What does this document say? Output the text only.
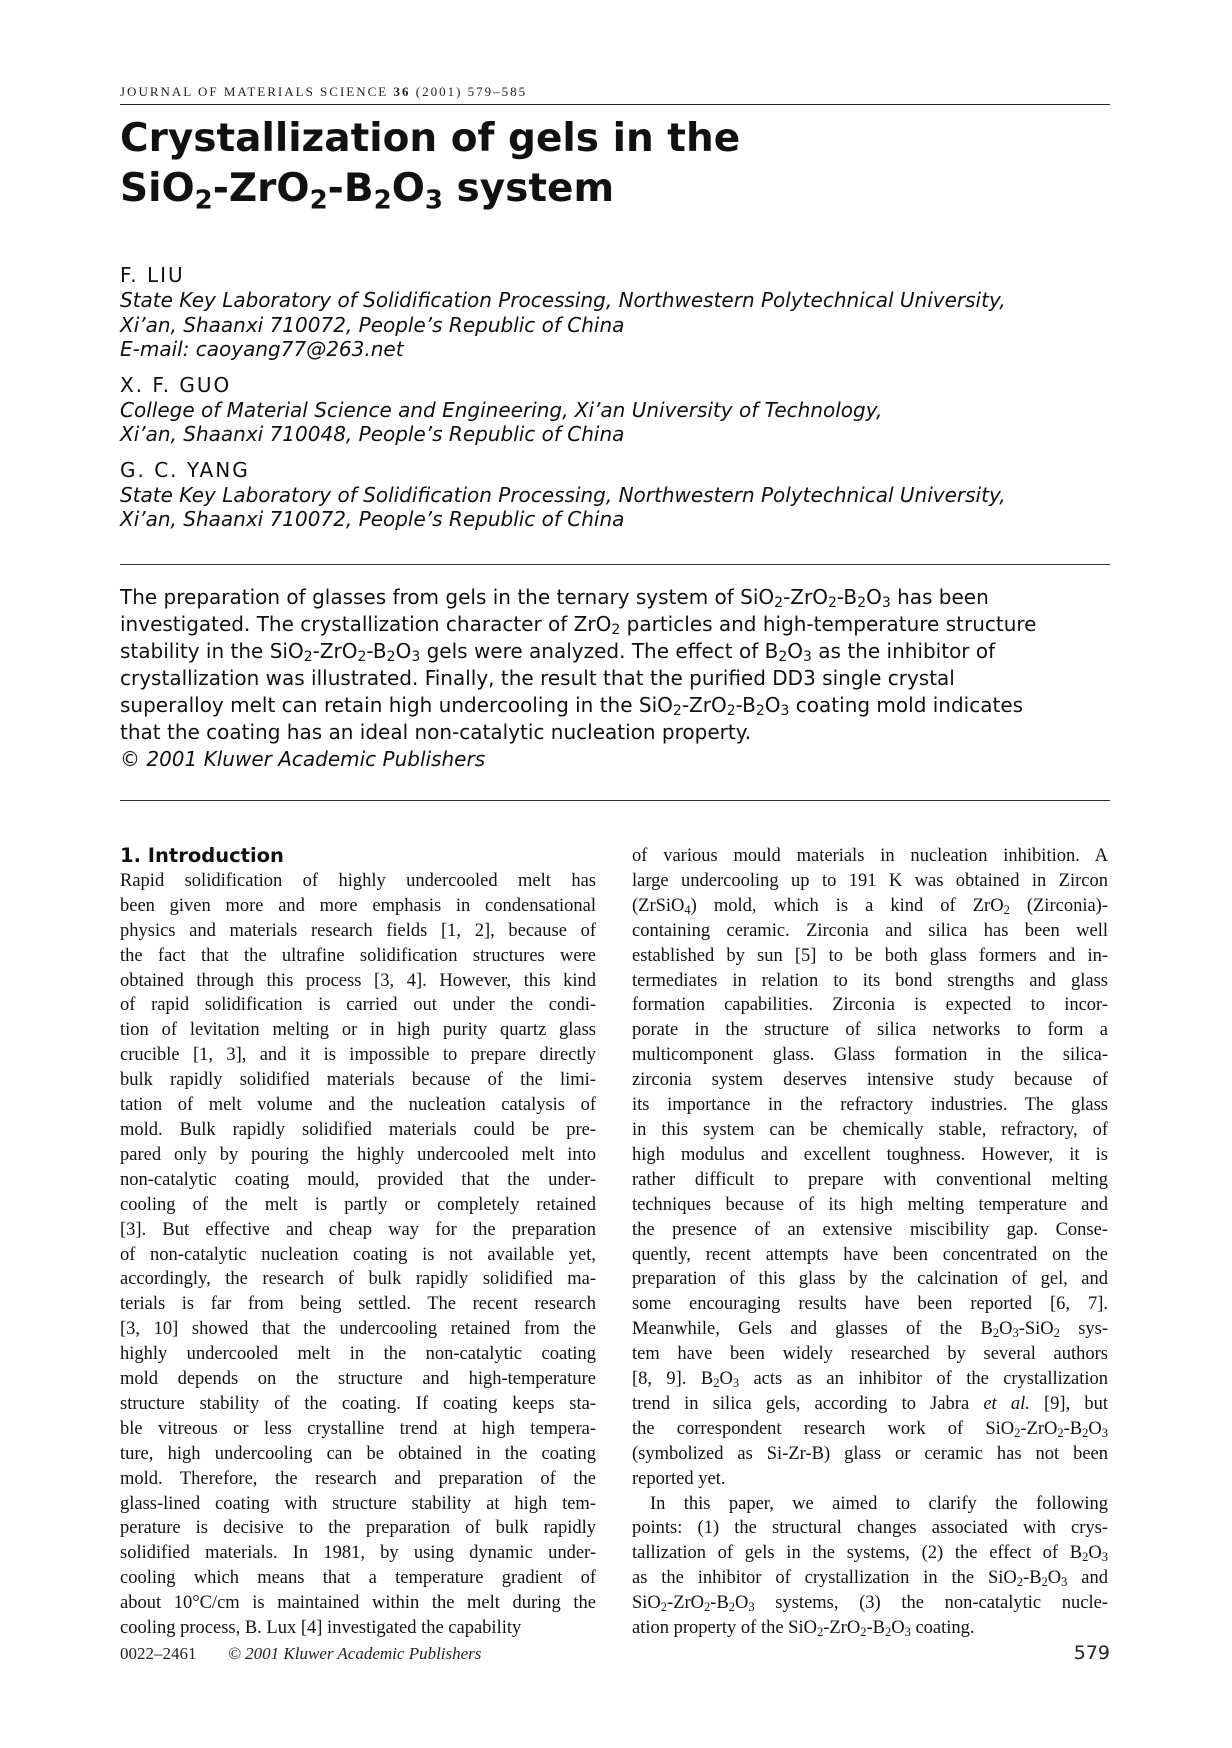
JOURNAL OF MATERIALS SCIENCE 36 (2001) 579–585
Crystallization of gels in the
$SiO_2-ZrO_2-B_2O_3$ system
F. LIU
State Key Laboratory of Solidification Processing, Northwestern Polytechnical University,
Xi’an, Shaanxi 710072, People’s Republic of China
E-mail: caoyang77@263.net
X. F. GUO
College of Material Science and Engineering, Xi’an University of Technology,
Xi’an, Shaanxi 710048, People’s Republic of China
G. C. YANG
State Key Laboratory of Solidification Processing, Northwestern Polytechnical University,
Xi’an, Shaanxi 710072, People’s Republic of China
The preparation of glasses from gels in the ternary system of $SiO_2-ZrO_2-B_2O_3$ has been
investigated. The crystallization character of ZrO$_2$ particles and high-temperature structure
stability in the $SiO_2-ZrO_2-B_2O_3$ gels were analyzed. The effect of $B_2O_3$ as the inhibitor of
crystallization was illustrated. Finally, the result that the purified DD3 single crystal
superalloy melt can retain high undercooling in the $SiO_2-ZrO_2-B_2O_3$ coating mold indicates
that the coating has an ideal non-catalytic nucleation property.
© 2001 Kluwer Academic Publishers
1. Introduction
Rapid solidification of highly undercooled melt has
been given more and more emphasis in condensational
physics and materials research fields [1, 2], because of
the fact that the ultrafine solidification structures were
obtained through this process [3, 4]. However, this kind
of rapid solidification is carried out under the condi-
tion of levitation melting or in high purity quartz glass
crucible [1, 3], and it is impossible to prepare directly
bulk rapidly solidified materials because of the limi-
tation of melt volume and the nucleation catalysis of
mold. Bulk rapidly solidified materials could be pre-
pared only by pouring the highly undercooled melt into
non-catalytic coating mould, provided that the under-
cooling of the melt is partly or completely retained
[3]. But effective and cheap way for the preparation
of non-catalytic nucleation coating is not available yet,
accordingly, the research of bulk rapidly solidified ma-
terials is far from being settled. The recent research
[3, 10] showed that the undercooling retained from the
highly undercooled melt in the non-catalytic coating
mold depends on the structure and high-temperature
structure stability of the coating. If coating keeps sta-
ble vitreous or less crystalline trend at high tempera-
ture, high undercooling can be obtained in the coating
mold. Therefore, the research and preparation of the
glass-lined coating with structure stability at high tem-
perature is decisive to the preparation of bulk rapidly
solidified materials. In 1981, by using dynamic under-
cooling which means that a temperature gradient of
about 10°C/cm is maintained within the melt during the
cooling process, B. Lux [4] investigated the capability
of various mould materials in nucleation inhibition. A
large undercooling up to 191 K was obtained in Zircon
(ZrSiO$_4$) mold, which is a kind of ZrO$_2$ (Zirconia)-
containing ceramic. Zirconia and silica has been well
established by sun [5] to be both glass formers and in-
termediates in relation to its bond strengths and glass
formation capabilities. Zirconia is expected to incor-
porate in the structure of silica networks to form a
multicomponent glass. Glass formation in the silica-
zirconia system deserves intensive study because of
its importance in the refractory industries. The glass
in this system can be chemically stable, refractory, of
high modulus and excellent toughness. However, it is
rather difficult to prepare with conventional melting
techniques because of its high melting temperature and
the presence of an extensive miscibility gap. Conse-
quently, recent attempts have been concentrated on the
preparation of this glass by the calcination of gel, and
some encouraging results have been reported [6, 7].
Meanwhile, Gels and glasses of the $B_2O_3-SiO_2$ sys-
tem have been widely researched by several authors
[8, 9]. $B_2O_3$ acts as an inhibitor of the crystallization
trend in silica gels, according to Jabra et al. [9], but
the correspondent research work of $SiO_2-ZrO_2-B_2O_3$
(symbolized as Si-Zr-B) glass or ceramic has not been
reported yet.
In this paper, we aimed to clarify the following
points: (1) the structural changes associated with crys-
tallization of gels in the systems, (2) the effect of $B_2O_3$
as the inhibitor of crystallization in the $SiO_2-B_2O_3$ and
$SiO_2-ZrO_2-B_2O_3$ systems, (3) the non-catalytic nucle-
ation property of the $SiO_2-ZrO_2-B_2O_3$ coating.
0022–2461 © 2001 Kluwer Academic Publishers	579
